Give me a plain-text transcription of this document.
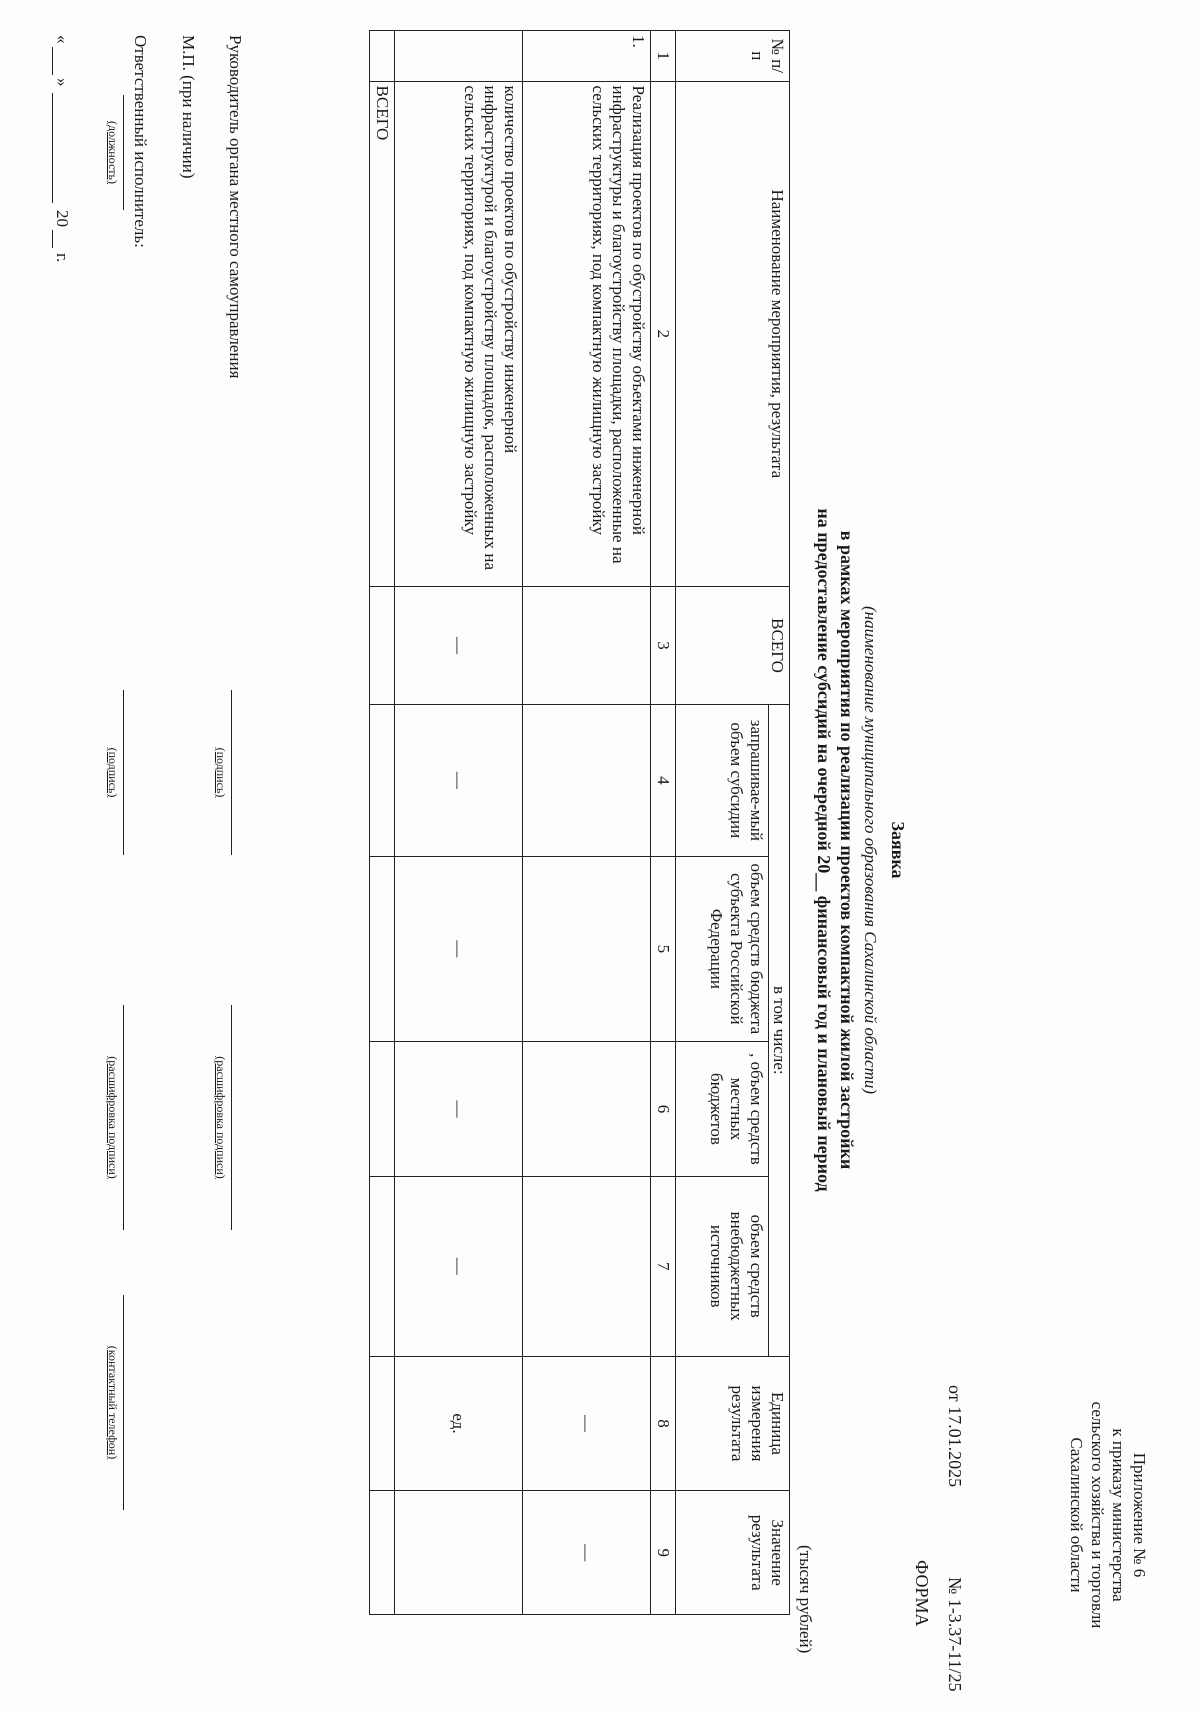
Приложение № 6
к приказу министерства
сельского хозяйства и торговли
Сахалинской области
от 17.01.2025№ 1-3.37-11/25
ФОРМА
Заявка
(наименование муниципального образования Сахалинской области)
в рамках мероприятия по реализации проектов компактной жилой застройки
на предоставление субсидий на очередной 20__ финансовый год и плановый период
(тысяч рублей)
№ п/п	Наименование мероприятия, результата	ВСЕГО	в том числе:				Единица измерения результата	Значение результата
			запрашивае-мый объем субсидии	объем средств бюджета субъекта Российской Федерации	, объем средств местных бюджетов	объем средств внебюджетных источников		
1	2	3	4	5	6	7	8	9
1.	Реализация проектов по обустройству объектами инженерной инфраструктуры и благоустройству площадки, расположенные на сельских территориях, под компактную жилищную застройку						—	—
	количество проектов по обустройству инженерной инфраструктурой и благоустройству площадок, расположенных на сельских территориях, под компактную жилищную застройку	—	—	—	—	—	ед.	
	ВСЕГО							
Руководитель органа местного самоуправления
(подпись)
(расшифровка подписи)
М.П. (при наличии)
Ответственный исполнитель:
(должность)
(подпись)
(расшифровка подписи)
(контактный телефон)
«
»
20
г.
